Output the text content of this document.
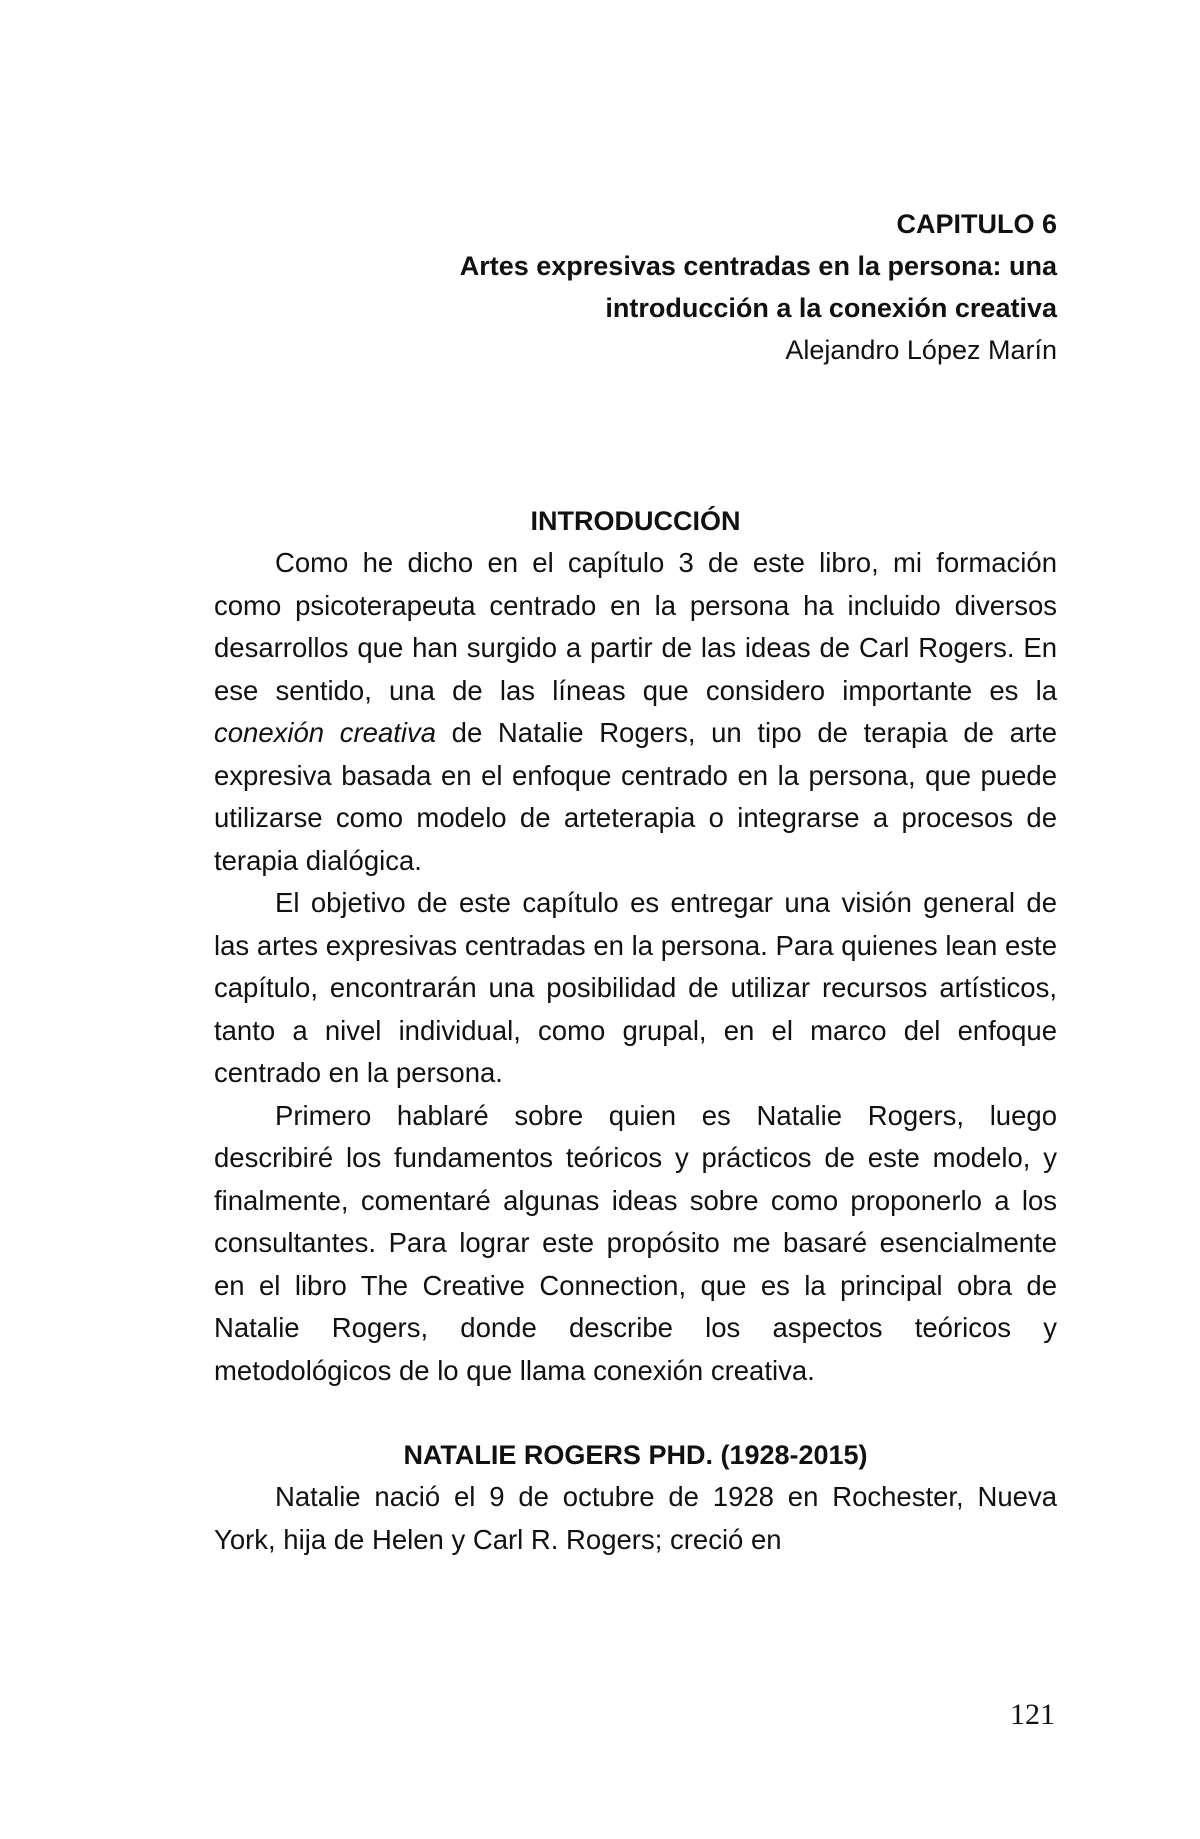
CAPITULO 6
Artes expresivas centradas en la persona: una introducción a la conexión creativa
Alejandro López Marín
INTRODUCCIÓN

Como he dicho en el capítulo 3 de este libro, mi formación como psicoterapeuta centrado en la persona ha incluido diversos desarrollos que han surgido a partir de las ideas de Carl Rogers. En ese sentido, una de las líneas que considero importante es la conexión creativa de Natalie Rogers, un tipo de terapia de arte expresiva basada en el enfoque centrado en la persona, que puede utilizarse como modelo de arteterapia o integrarse a procesos de terapia dialógica.

El objetivo de este capítulo es entregar una visión general de las artes expresivas centradas en la persona. Para quienes lean este capítulo, encontrarán una posibilidad de utilizar recursos artísticos, tanto a nivel individual, como grupal, en el marco del enfoque centrado en la persona.

Primero hablaré sobre quien es Natalie Rogers, luego describiré los fundamentos teóricos y prácticos de este modelo, y finalmente, comentaré algunas ideas sobre como proponerlo a los consultantes. Para lograr este propósito me basaré esencialmente en el libro The Creative Connection, que es la principal obra de Natalie Rogers, donde describe los aspectos teóricos y metodológicos de lo que llama conexión creativa.

NATALIE ROGERS PHD. (1928-2015)

Natalie nació el 9 de octubre de 1928 en Rochester, Nueva York, hija de Helen y Carl R. Rogers; creció en

121
